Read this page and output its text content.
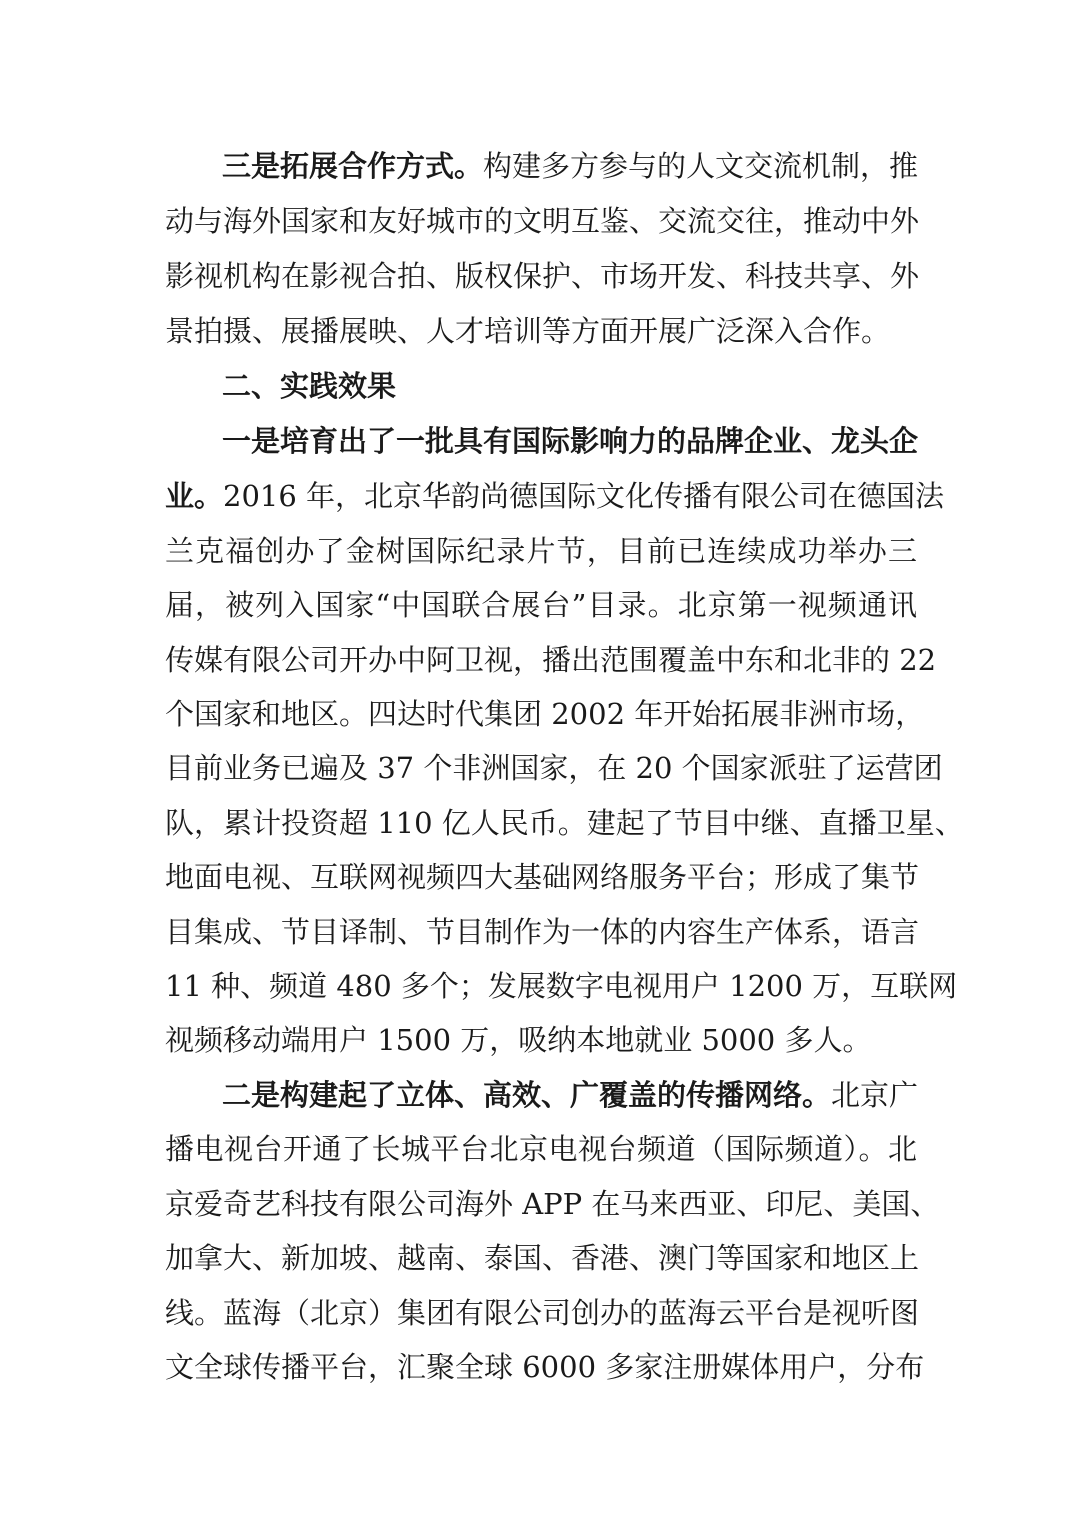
三是拓展合作方式。构建多方参与的人文交流机制，推
动与海外国家和友好城市的文明互鉴、交流交往，推动中外
影视机构在影视合拍、版权保护、市场开发、科技共享、外
景拍摄、展播展映、人才培训等方面开展广泛深入合作。
二、实践效果
一是培育出了一批具有国际影响力的品牌企业、龙头企
业。2016 年，北京华韵尚德国际文化传播有限公司在德国法
兰克福创办了金树国际纪录片节，目前已连续成功举办三
届，被列入国家“中国联合展台”目录。北京第一视频通讯
传媒有限公司开办中阿卫视，播出范围覆盖中东和北非的 22
个国家和地区。四达时代集团 2002 年开始拓展非洲市场，
目前业务已遍及 37 个非洲国家，在 20 个国家派驻了运营团
队，累计投资超 110 亿人民币。建起了节目中继、直播卫星、
地面电视、互联网视频四大基础网络服务平台；形成了集节
目集成、节目译制、节目制作为一体的内容生产体系，语言
11 种、频道 480 多个；发展数字电视用户 1200 万，互联网
视频移动端用户 1500 万，吸纳本地就业 5000 多人。
二是构建起了立体、高效、广覆盖的传播网络。北京广
播电视台开通了长城平台北京电视台频道（国际频道）。北
京爱奇艺科技有限公司海外 APP 在马来西亚、印尼、美国、
加拿大、新加坡、越南、泰国、香港、澳门等国家和地区上
线。蓝海（北京）集团有限公司创办的蓝海云平台是视听图
文全球传播平台，汇聚全球 6000 多家注册媒体用户，分布
